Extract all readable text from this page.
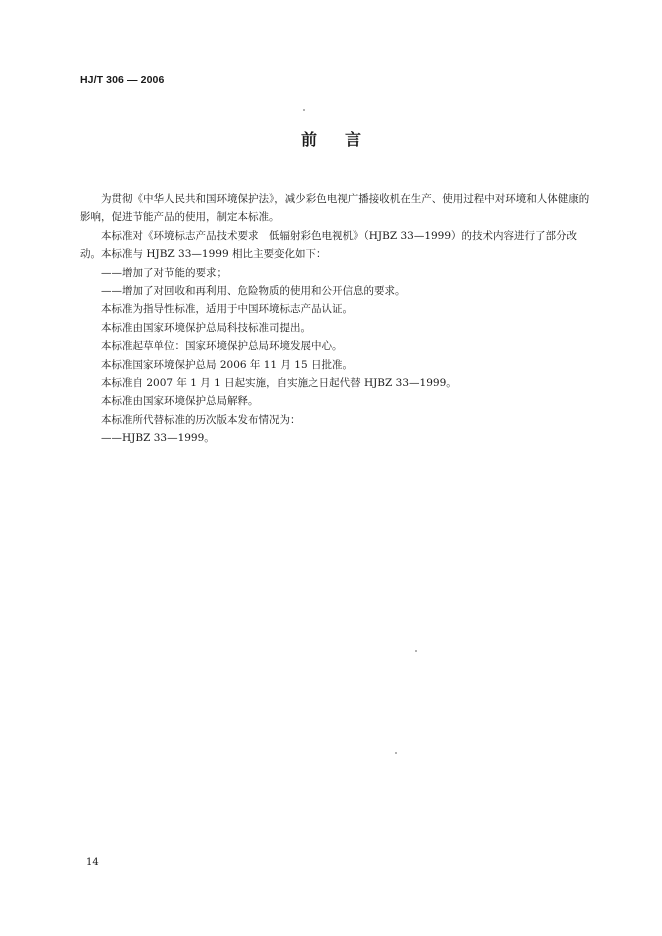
HJ/T 306 — 2006
前言

为贯彻《中华人民共和国环境保护法》，减少彩色电视广播接收机在生产、使用过程中对环境和人体健康的影响，促进节能产品的使用，制定本标准。

本标准对《环境标志产品技术要求　低辐射彩色电视机》（HJBZ 33—1999）的技术内容进行了部分改动。本标准与 HJBZ 33—1999 相比主要变化如下：

——增加了对节能的要求；

——增加了对回收和再利用、危险物质的使用和公开信息的要求。

本标准为指导性标准，适用于中国环境标志产品认证。

本标准由国家环境保护总局科技标准司提出。

本标准起草单位：国家环境保护总局环境发展中心。

本标准国家环境保护总局 2006 年 11 月 15 日批准。

本标准自 2007 年 1 月 1 日起实施，自实施之日起代替 HJBZ 33—1999。

本标准由国家环境保护总局解释。

本标准所代替标准的历次版本发布情况为：

——HJBZ 33—1999。

14
